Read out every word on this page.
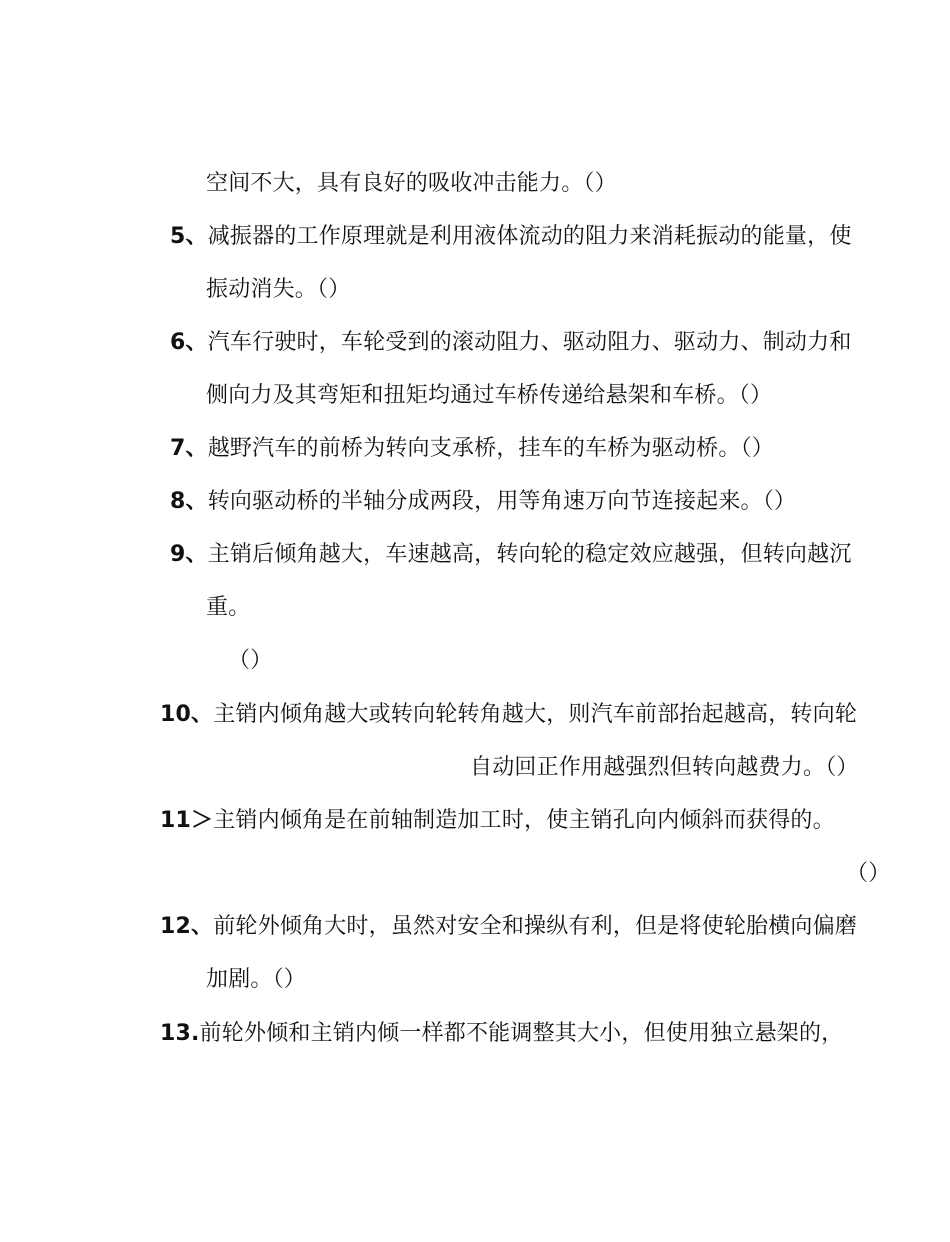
空间不大，具有良好的吸收冲击能力。（）
5、减振器的工作原理就是利用液体流动的阻力来消耗振动的能量，使
振动消失。（）
6、汽车行驶时，车轮受到的滚动阻力、驱动阻力、驱动力、制动力和
侧向力及其弯矩和扭矩均通过车桥传递给悬架和车桥。（）
7、越野汽车的前桥为转向支承桥，挂车的车桥为驱动桥。（）
8、转向驱动桥的半轴分成两段，用等角速万向节连接起来。（）
9、主销后倾角越大，车速越高，转向轮的稳定效应越强，但转向越沉
重。
（）
10、主销内倾角越大或转向轮转角越大，则汽车前部抬起越高，转向轮
自动回正作用越强烈但转向越费力。（）
11＞主销内倾角是在前轴制造加工时，使主销孔向内倾斜而获得的。
（）
12、前轮外倾角大时，虽然对安全和操纵有利，但是将使轮胎横向偏磨
加剧。（）
13.前轮外倾和主销内倾一样都不能调整其大小，但使用独立悬架的，
